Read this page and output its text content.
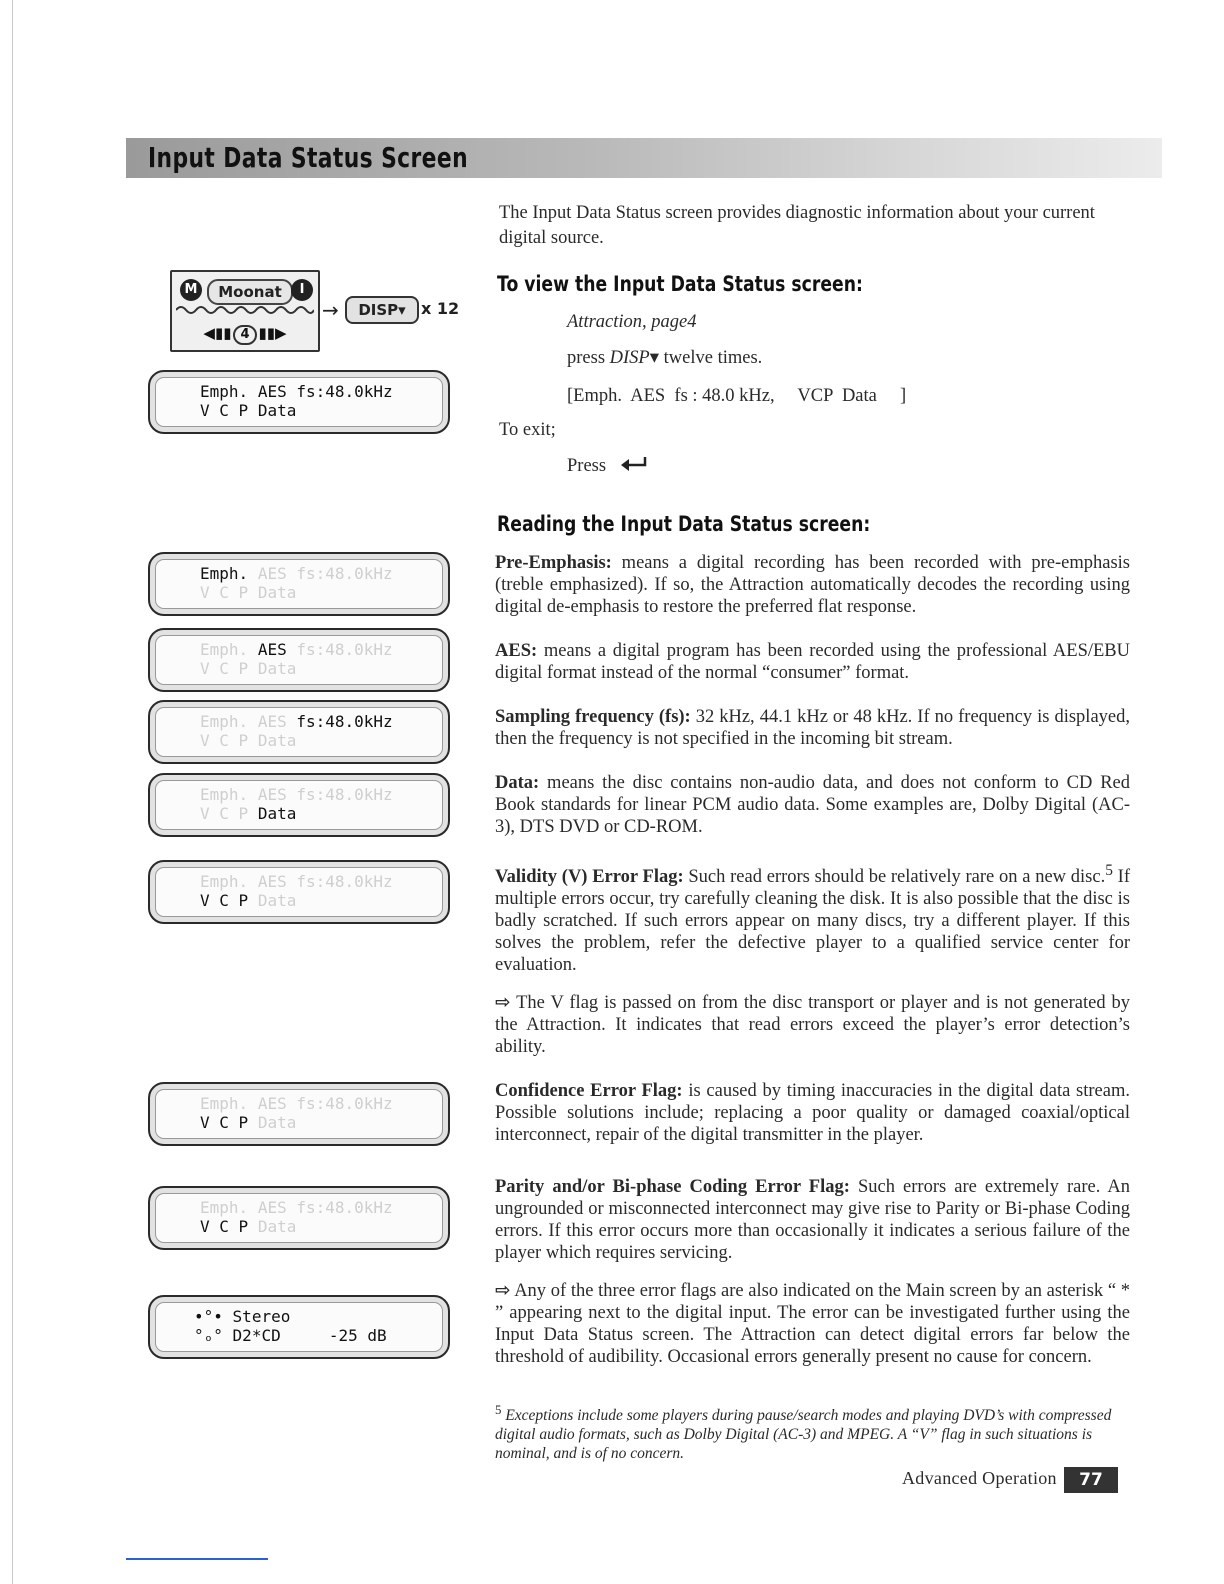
Input Data Status Screen
The Input Data Status screen provides diagnostic information about your current digital source.
M	Moonat	I
◀▮▮ 4 ▮▮▶
→	DISP▾ x 12
Emph. AES fs:48.0kHz
V C P Data
Emph. AES fs:48.0kHz
V C P Data
Emph. AES fs:48.0kHz
V C P Data
Emph. AES fs:48.0kHz
V C P Data
Emph. AES fs:48.0kHz
V C P Data
Emph. AES fs:48.0kHz
V C P Data
Emph. AES fs:48.0kHz
V C P Data
Emph. AES fs:48.0kHz
V C P Data
•°• Stereo
°ₒ° D2*CD	-25 dB
To view the Input Data Status screen:
Attraction, page4
press DISP▾ twelve times.
[Emph.  AES  fs : 48.0 kHz,     VCP  Data     ]
To exit;
Press
Reading the Input Data Status screen:
Pre-Emphasis: means a digital recording has been recorded with pre-emphasis (treble emphasized). If so, the Attraction automatically decodes the recording using digital de-emphasis to restore the preferred flat response.
AES: means a digital program has been recorded using the professional AES/EBU digital format instead of the normal “consumer” format.
Sampling frequency (fs): 32 kHz, 44.1 kHz or 48 kHz. If no frequency is displayed, then the frequency is not specified in the incoming bit stream.
Data: means the disc contains non-audio data, and does not conform to CD Red Book standards for linear PCM audio data. Some examples are, Dolby Digital (AC-3), DTS DVD or CD-ROM.
Validity (V) Error Flag: Such read errors should be relatively rare on a new disc.$^5$ If multiple errors occur, try carefully cleaning the disk. It is also possible that the disc is badly scratched. If such errors appear on many discs, try a different player. If this solves the problem, refer the defective player to a qualified service center for evaluation.
⇨ The V flag is passed on from the disc transport or player and is not generated by the Attraction. It indicates that read errors exceed the player’s error detection’s ability.
Confidence Error Flag: is caused by timing inaccuracies in the digital data stream. Possible solutions include; replacing a poor quality or damaged coaxial/optical interconnect, repair of the digital transmitter in the player.
Parity and/or Bi-phase Coding Error Flag: Such errors are extremely rare. An ungrounded or misconnected interconnect may give rise to Parity or Bi-phase Coding errors. If this error occurs more than occasionally it indicates a serious failure of the player which requires servicing.
⇨ Any of the three error flags are also indicated on the Main screen by an asterisk “ * ” appearing next to the digital input. The error can be investigated further using the Input Data Status screen. The Attraction can detect digital errors far below the threshold of audibility. Occasional errors generally present no cause for concern.
$^5$ Exceptions include some players during pause/search modes and playing DVD’s with compressed digital audio formats, such as Dolby Digital (AC-3) and MPEG. A “V” flag in such situations is nominal, and is of no concern.
Advanced Operation	77
